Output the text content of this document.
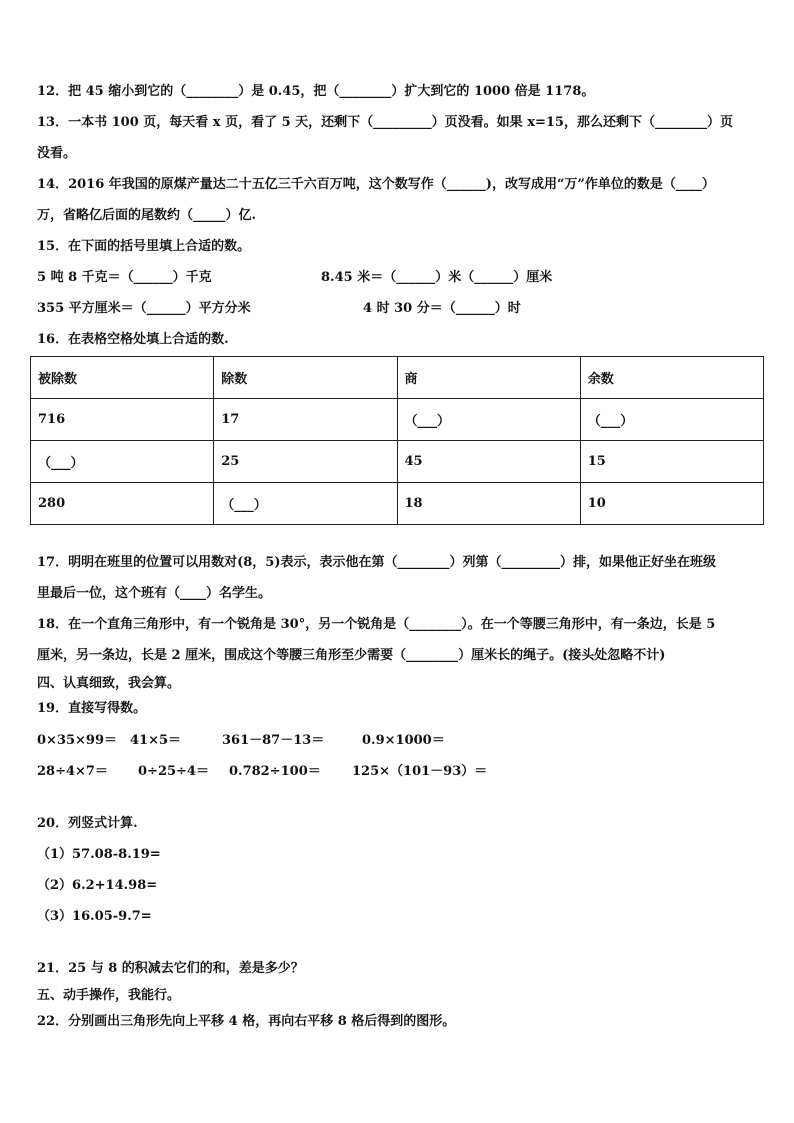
12．把 45 缩小到它的（________）是 0.45，把（________）扩大到它的 1000 倍是 1178。
13．一本书 100 页，每天看 x 页，看了 5 天，还剩下（_________）页没看。如果 x=15，那么还剩下（________）页
没看。
14．2016 年我国的原煤产量达二十五亿三千六百万吨，这个数写作（______)，改写成用“万”作单位的数是（____）
万，省略亿后面的尾数约（_____）亿.
15．在下面的括号里填上合适的数。
5 吨 8 千克＝（______）千克	8.45 米＝（______）米（______）厘米
355 平方厘米＝（______）平方分米	4 时 30 分＝（______）时
16．在表格空格处填上合适的数.
被除数	除数	商	余数
716	17	（___）	（___）
（___）	25	45	15
280	（___）	18	10
17．明明在班里的位置可以用数对(8，5)表示，表示他在第（________）列第（_________）排，如果他正好坐在班级
里最后一位，这个班有（____）名学生。
18．在一个直角三角形中，有一个锐角是 30°，另一个锐角是（________）。在一个等腰三角形中，有一条边，长是 5
厘米，另一条边，长是 2 厘米，围成这个等腰三角形至少需要（________）厘米长的绳子。(接头处忽略不计)
四、认真细致，我会算。
19．直接写得数。
0×35×99＝ 41×5＝	361－87－13＝	0.9×1000＝
28÷4×7＝ 0÷25÷4＝ 0.782÷100＝ 125×（101－93）＝
20．列竖式计算.
（1）57.08-8.19=
（2）6.2+14.98=
（3）16.05-9.7=
21．25 与 8 的积减去它们的和，差是多少？
五、动手操作，我能行。
22．分别画出三角形先向上平移 4 格，再向右平移 8 格后得到的图形。
